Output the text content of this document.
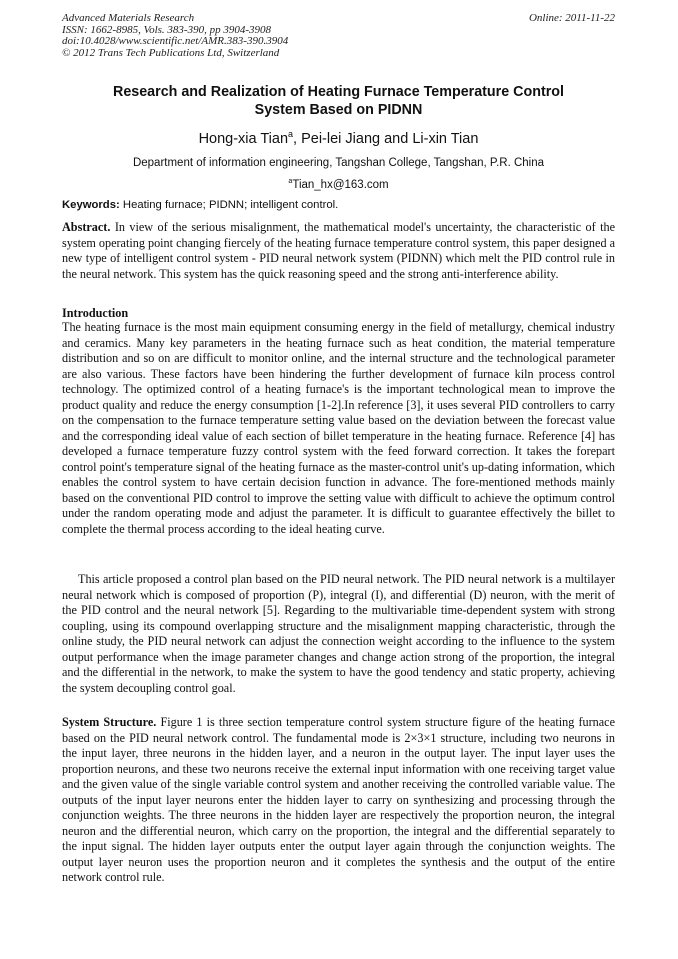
Advanced Materials Research
ISSN: 1662-8985, Vols. 383-390, pp 3904-3908
doi:10.4028/www.scientific.net/AMR.383-390.3904
© 2012 Trans Tech Publications Ltd, Switzerland
Online: 2011-11-22
Research and Realization of Heating Furnace Temperature Control
System Based on PIDNN
Hong-xia Tian$^a$, Pei-lei Jiang and Li-xin Tian
Department of information engineering, Tangshan College, Tangshan, P.R. China
$^a$Tian_hx@163.com
Keywords: Heating furnace; PIDNN; intelligent control.
Abstract. In view of the serious misalignment, the mathematical model's uncertainty, the characteristic of the system operating point changing fiercely of the heating furnace temperature control system, this paper designed a new type of intelligent control system - PID neural network system (PIDNN) which melt the PID control rule in the neural network. This system has the quick reasoning speed and the strong anti-interference ability.
Introduction
The heating furnace is the most main equipment consuming energy in the field of metallurgy, chemical industry and ceramics. Many key parameters in the heating furnace such as heat condition, the material temperature distribution and so on are difficult to monitor online, and the internal structure and the technological parameter are also various. These factors have been hindering the further development of furnace kiln process control technology. The optimized control of a heating furnace's is the important technological mean to improve the product quality and reduce the energy consumption [1-2].In reference [3], it uses several PID controllers to carry on the compensation to the furnace temperature setting value based on the deviation between the forecast value and the corresponding ideal value of each section of billet temperature in the heating furnace. Reference [4] has developed a furnace temperature fuzzy control system with the feed forward correction. It takes the forepart control point's temperature signal of the heating furnace as the master-control unit's up-dating information, which enables the control system to have certain decision function in advance. The fore-mentioned methods mainly based on the conventional PID control to improve the setting value with difficult to achieve the optimum control under the random operating mode and adjust the parameter. It is difficult to guarantee effectively the billet to complete the thermal process according to the ideal heating curve.
This article proposed a control plan based on the PID neural network. The PID neural network is a multilayer neural network which is composed of proportion (P), integral (I), and differential (D) neuron, with the merit of the PID control and the neural network [5]. Regarding to the multivariable time-dependent system with strong coupling, using its compound overlapping structure and the misalignment mapping characteristic, through the online study, the PID neural network can adjust the connection weight according to the influence to the system output performance when the image parameter changes and change action strong of the proportion, the integral and the differential in the network, to make the system to have the good tendency and static property, achieving the system decoupling control goal.
System Structure. Figure 1 is three section temperature control system structure figure of the heating furnace based on the PID neural network control. The fundamental mode is 2×3×1 structure, including two neurons in the input layer, three neurons in the hidden layer, and a neuron in the output layer. The input layer uses the proportion neurons, and these two neurons receive the external input information with one receiving target value and the given value of the single variable control system and another receiving the controlled variable value. The outputs of the input layer neurons enter the hidden layer to carry on synthesizing and processing through the conjunction weights. The three neurons in the hidden layer are respectively the proportion neuron, the integral neuron and the differential neuron, which carry on the proportion, the integral and the differential separately to the input signal. The hidden layer outputs enter the output layer again through the conjunction weights. The output layer neuron uses the proportion neuron and it completes the synthesis and the output of the entire network control rule.
